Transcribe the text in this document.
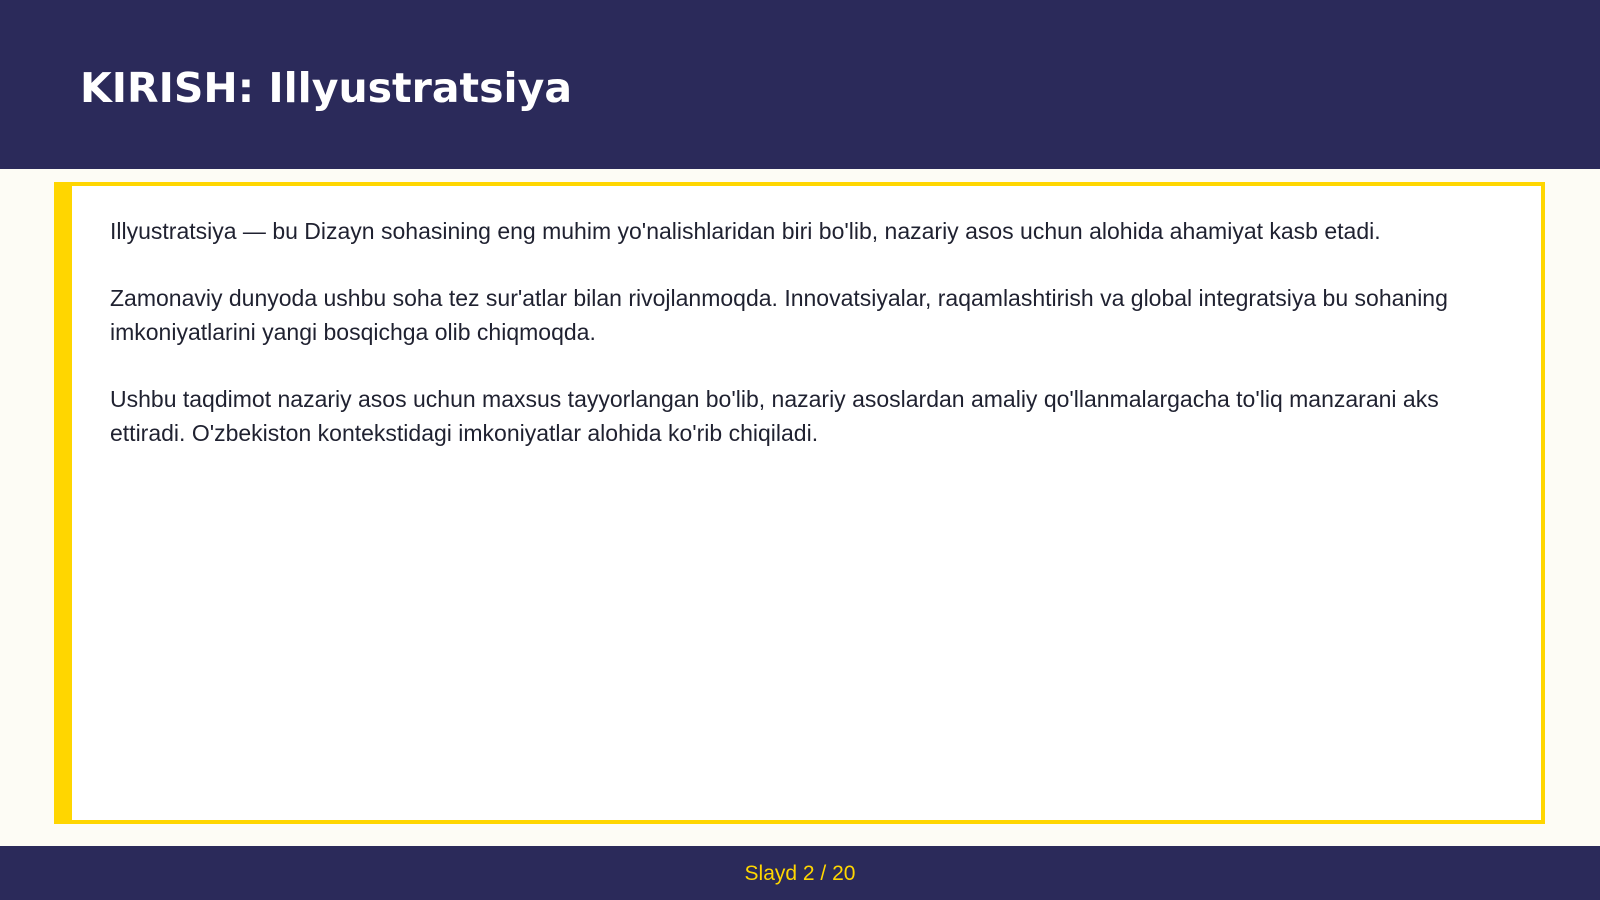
KIRISH: Illyustratsiya

Illyustratsiya — bu Dizayn sohasining eng muhim yo'nalishlaridan biri bo'lib, nazariy asos uchun alohida ahamiyat kasb etadi.

Zamonaviy dunyoda ushbu soha tez sur'atlar bilan rivojlanmoqda. Innovatsiyalar, raqamlashtirish va global integratsiya bu sohaning imkoniyatlarini yangi bosqichga olib chiqmoqda.

Ushbu taqdimot nazariy asos uchun maxsus tayyorlangan bo'lib, nazariy asoslardan amaliy qo'llanmalargacha to'liq manzarani aks ettiradi. O'zbekiston kontekstidagi imkoniyatlar alohida ko'rib chiqiladi.

Slayd 2 / 20
